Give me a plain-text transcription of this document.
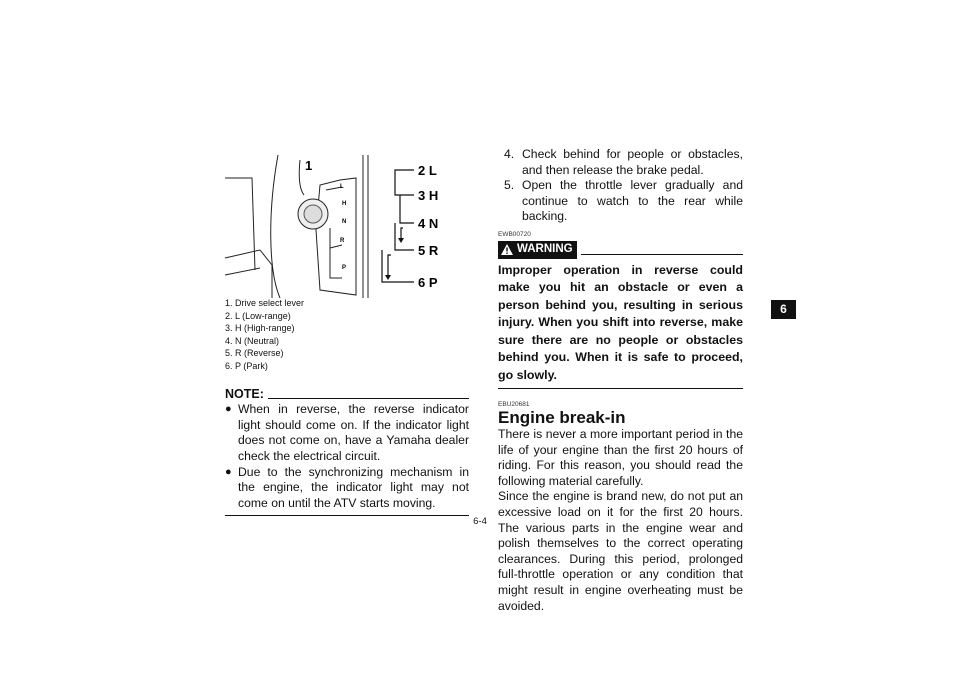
1
L
H
N
R
P
2 L
3 H
4 N
5 R
6 P
1. Drive select lever
2. L (Low-range)
3. H (High-range)
4. N (Neutral)
5. R (Reverse)
6. P (Park)
NOTE:
● When in reverse, the reverse indicator light should come on. If the indicator light does not come on, have a Yamaha dealer check the electrical circuit.
● Due to the synchronizing mechanism in the engine, the indicator light may not come on until the ATV starts moving.
4. Check behind for people or obstacles, and then release the brake pedal.
5. Open the throttle lever gradually and continue to watch to the rear while backing.
EWB00720
WARNING
Improper operation in reverse could make you hit an obstacle or even a person behind you, resulting in serious injury. When you shift into reverse, make sure there are no people or obstacles behind you. When it is safe to proceed, go slowly.
EBU20681
Engine break-in
There is never a more important period in the life of your engine than the first 20 hours of riding. For this reason, you should read the following material carefully.
Since the engine is brand new, do not put an excessive load on it for the first 20 hours. The various parts in the engine wear and polish themselves to the correct operating clearances. During this period, prolonged full-throttle operation or any condition that might result in engine overheating must be avoided.
6
6-4
